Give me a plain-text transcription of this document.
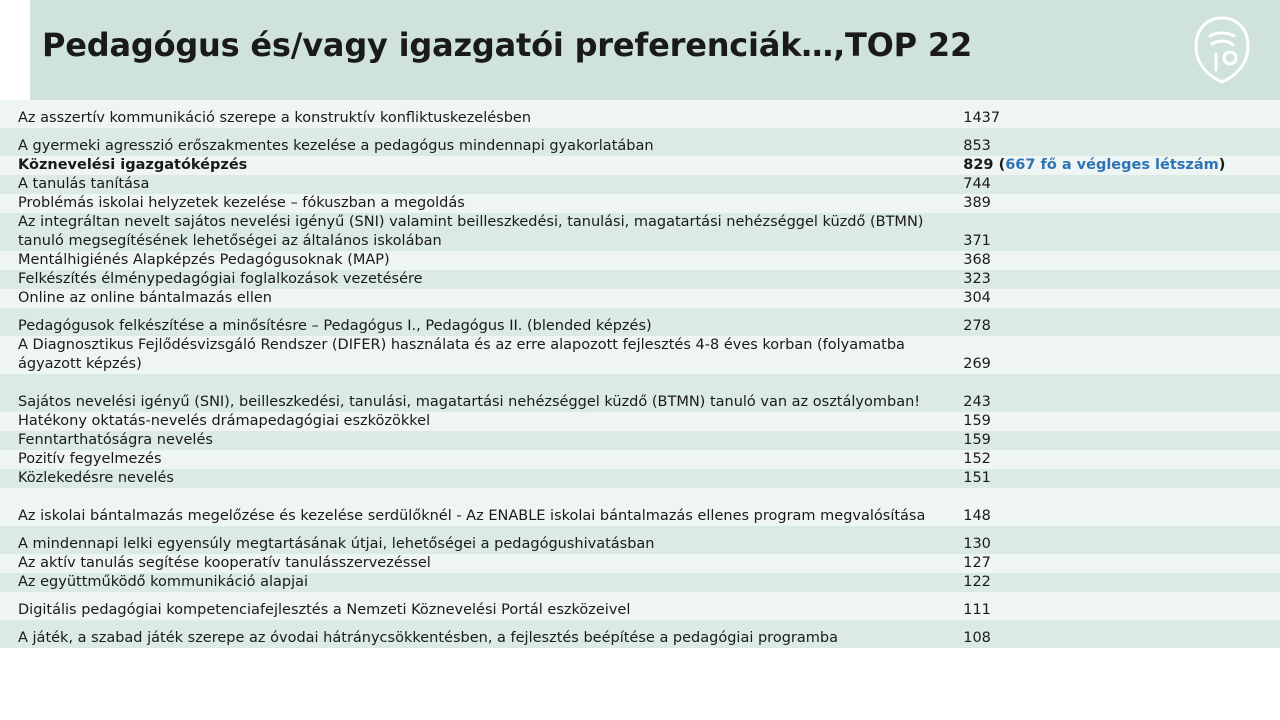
Pedagógus és/vagy igazgatói preferenciák…,TOP 22
Az asszertív kommunikáció szerepe a konstruktív konfliktuskezelésben	1437
A gyermeki agresszió erőszakmentes kezelése a pedagógus mindennapi gyakorlatában	853
Köznevelési igazgatóképzés	829 (667 fő a végleges létszám)
A tanulás tanítása	744
Problémás iskolai helyzetek kezelése – fókuszban a megoldás	389
Az integráltan nevelt sajátos nevelési igényű (SNI) valamint beilleszkedési, tanulási, magatartási nehézséggel küzdő (BTMN) tanuló megsegítésének lehetőségei az általános iskolában	371
Mentálhigiénés Alapképzés Pedagógusoknak (MAP)	368
Felkészítés élménypedagógiai foglalkozások vezetésére	323
Online az online bántalmazás ellen	304
Pedagógusok felkészítése a minősítésre – Pedagógus I., Pedagógus II. (blended képzés)	278
A Diagnosztikus Fejlődésvizsgáló Rendszer (DIFER) használata és az erre alapozott fejlesztés 4-8 éves korban (folyamatba ágyazott képzés)	269
Sajátos nevelési igényű (SNI), beilleszkedési, tanulási, magatartási nehézséggel küzdő (BTMN) tanuló van az osztályomban!	243
Hatékony oktatás-nevelés drámapedagógiai eszközökkel	159
Fenntarthatóságra nevelés	159
Pozitív fegyelmezés	152
Közlekedésre nevelés	151
Az iskolai bántalmazás megelőzése és kezelése serdülőknél - Az ENABLE iskolai bántalmazás ellenes program megvalósítása	148
A mindennapi lelki egyensúly megtartásának útjai, lehetőségei a pedagógushivatásban	130
Az aktív tanulás segítése kooperatív tanulásszervezéssel	127
Az együttműködő kommunikáció alapjai	122
Digitális pedagógiai kompetenciafejlesztés a Nemzeti Köznevelési Portál eszközeivel	111
A játék, a szabad játék szerepe az óvodai hátránycsökkentésben, a fejlesztés beépítése a pedagógiai programba	108
